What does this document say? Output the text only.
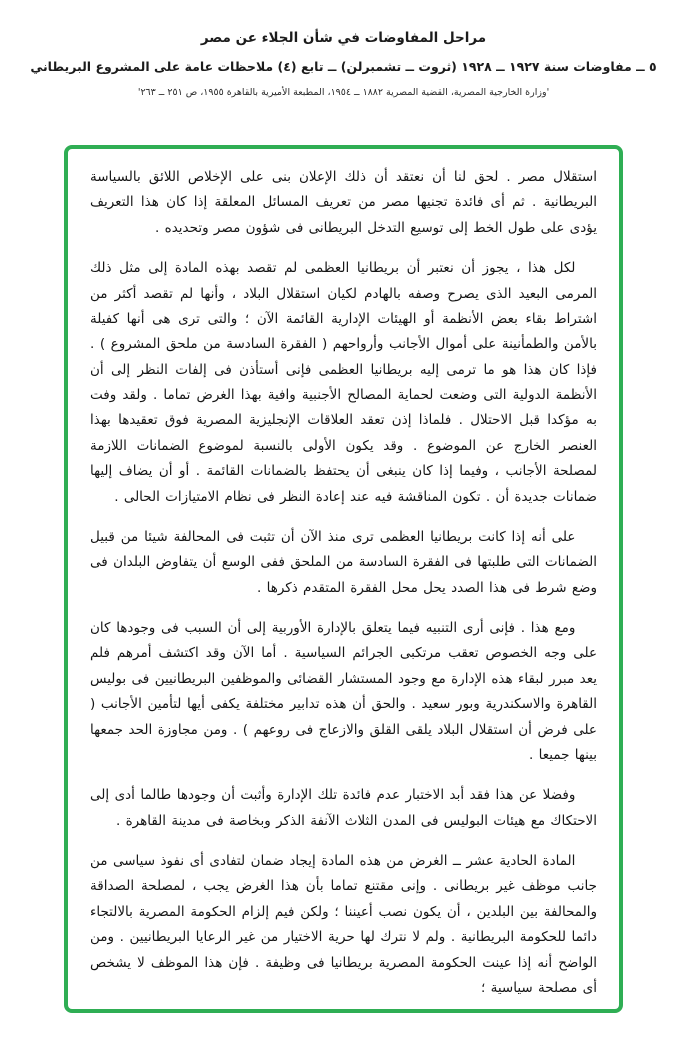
مراحل المفاوضات في شأن الجلاء عن مصر
٥ ــ مفاوضات سنة ١٩٢٧ ــ ١٩٢٨ (ثروت ــ تشمبرلن) ــ تابع (٤) ملاحظات عامة على المشروع البريطاني
'وزارة الخارجية المصرية، القضية المصرية ١٨٨٢ ــ ١٩٥٤، المطبعة الأميرية بالقاهرة ١٩٥٥، ص ٢٥١ ــ ٢٦٣'

استقلال مصر . لحق لنا أن نعتقد أن ذلك الإعلان بنى على الإخلاص اللائق بالسياسة البريطانية . ثم أى فائدة تجنيها مصر من تعريف المسائل المعلقة إذا كان هذا التعريف يؤدى على طول الخط إلى توسيع التدخل البريطانى فى شؤون مصر وتحديده .

لكل هذا ، يجوز أن نعتبر أن بريطانيا العظمى لم تقصد بهذه المادة إلى مثل ذلك المرمى البعيد الذى يصرح وصفه بالهادم لكيان استقلال البلاد ، وأنها لم تقصد أكثر من اشتراط بقاء بعض الأنظمة أو الهيئات الإدارية القائمة الآن ؛ والتى ترى هى أنها كفيلة بالأمن والطمأنينة على أموال الأجانب وأرواحهم ( الفقرة السادسة من ملحق المشروع ) . فإذا كان هذا هو ما ترمى إليه بريطانيا العظمى فإنى أستأذن فى إلفات النظر إلى أن الأنظمة الدولية التى وضعت لحماية المصالح الأجنبية وافية بهذا الغرض تماما . ولقد وفت به مؤكدا قبل الاحتلال . فلماذا إذن تعقد العلاقات الإنجليزية المصرية فوق تعقيدها بهذا العنصر الخارج عن الموضوع . وقد يكون الأولى بالنسبة لموضوع الضمانات اللازمة لمصلحة الأجانب ، وفيما إذا كان ينبغى أن يحتفظ بالضمانات القائمة . أو أن يضاف إليها ضمانات جديدة أن . تكون المناقشة فيه عند إعادة النظر فى نظام الامتيازات الحالى .

على أنه إذا كانت بريطانيا العظمى ترى منذ الآن أن تثبت فى المحالفة شيئا من قبيل الضمانات التى طلبتها فى الفقرة السادسة من الملحق ففى الوسع أن يتفاوض البلدان فى وضع شرط فى هذا الصدد يحل محل الفقرة المتقدم ذكرها .

ومع هذا . فإنى أرى التنبيه فيما يتعلق بالإدارة الأوربية إلى أن السبب فى وجودها كان على وجه الخصوص تعقب مرتكبى الجرائم السياسية . أما الآن وقد اكتشف أمرهم فلم يعد مبرر لبقاء هذه الإدارة مع وجود المستشار القضائى والموظفين البريطانيين فى بوليس القاهرة والاسكندرية وبور سعيد . والحق أن هذه تدابير مختلفة يكفى أيها لتأمين الأجانب ( على فرض أن استقلال البلاد يلقى القلق والازعاج فى روعهم ) . ومن مجاوزة الحد جمعها بينها جميعا .

وفضلا عن هذا فقد أبد الاختبار عدم فائدة تلك الإدارة وأثبت أن وجودها طالما أدى إلى الاحتكاك مع هيئات البوليس فى المدن الثلاث الآنفة الذكر وبخاصة فى مدينة القاهرة .

المادة الحادية عشر ــ الغرض من هذه المادة إيجاد ضمان لتفادى أى نفوذ سياسى من جانب موظف غير بريطانى . وإنى مقتنع تماما بأن هذا الغرض يجب ، لمصلحة الصداقة والمحالفة بين البلدين ، أن يكون نصب أعيننا ؛ ولكن فيم إلزام الحكومة المصرية بالالتجاء دائما للحكومة البريطانية . ولم لا نترك لها حرية الاختيار من غير الرعايا البريطانيين . ومن الواضح أنه إذا عينت الحكومة المصرية بريطانيا فى وظيفة . فإن هذا الموظف لا يشخص أى مصلحة سياسية ؛
